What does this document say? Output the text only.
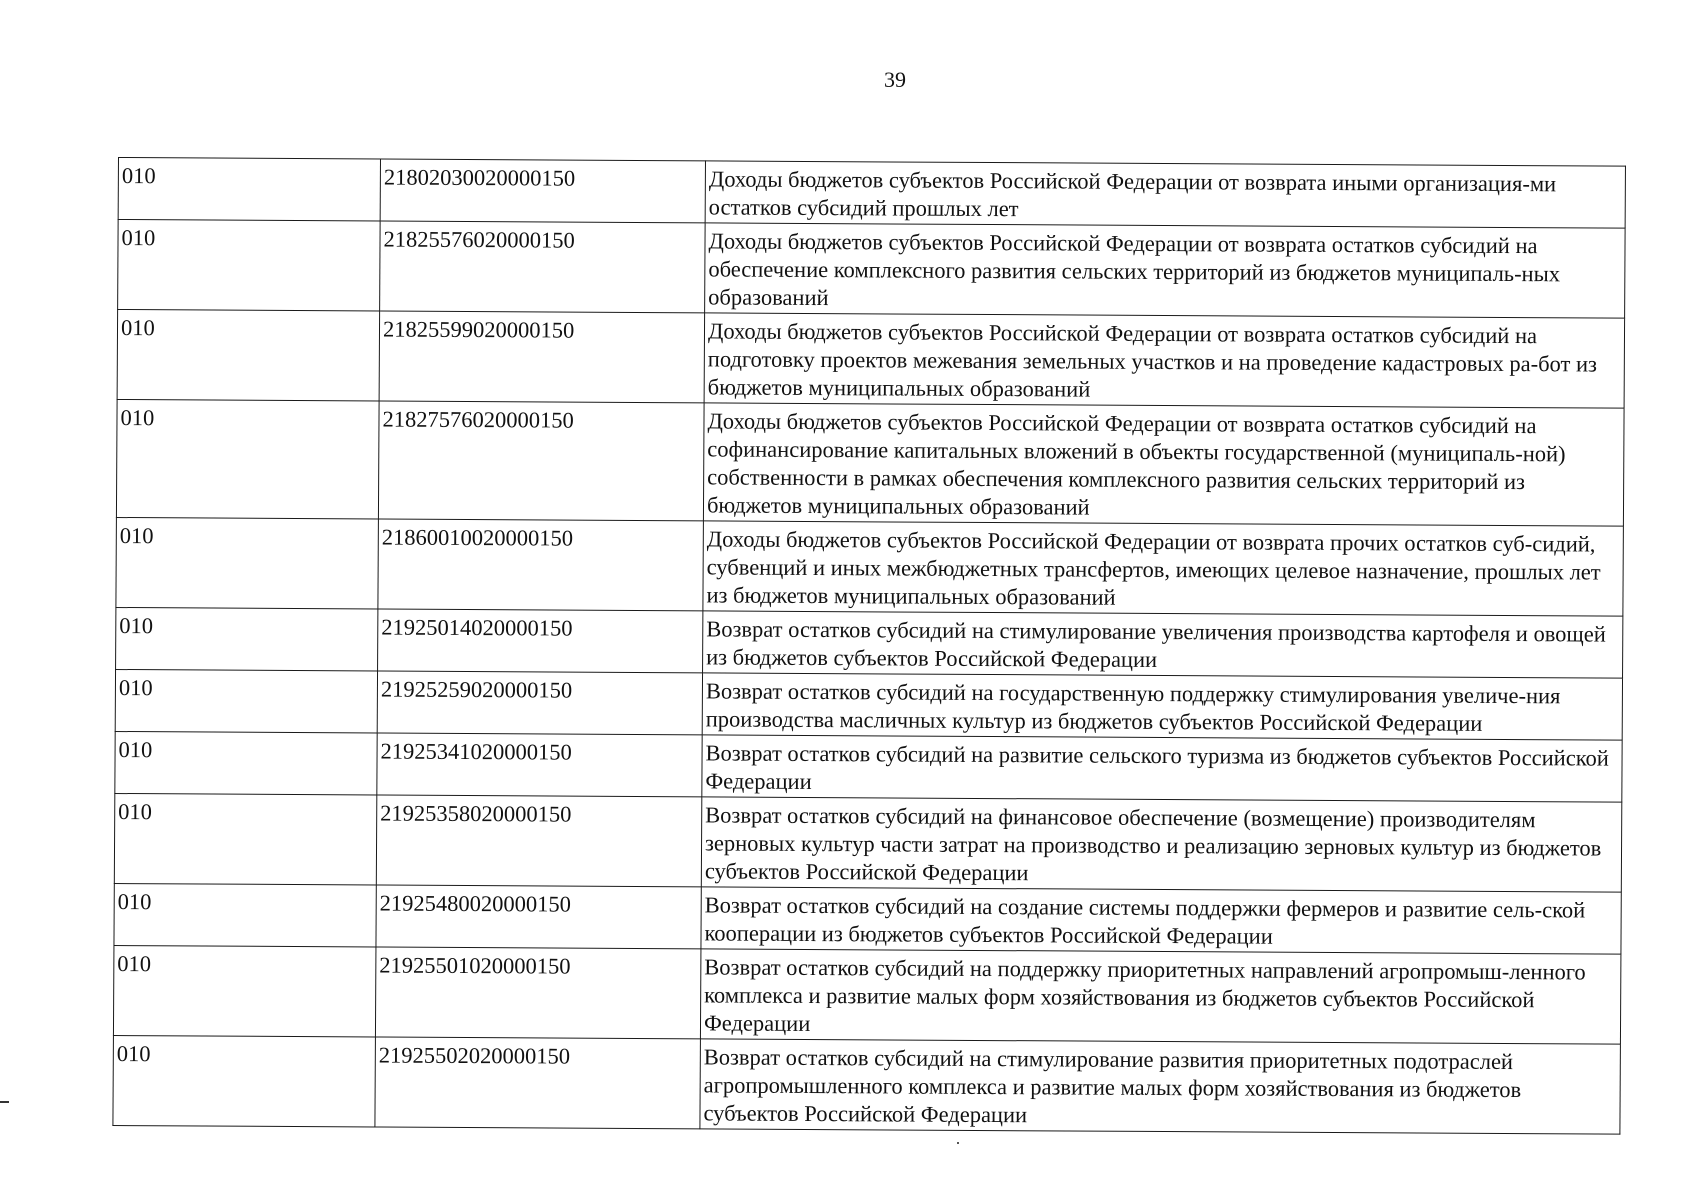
39
010	21802030020000150	Доходы бюджетов субъектов Российской Федерации от возврата иными организация-ми остатков субсидий прошлых лет
010	21825576020000150	Доходы бюджетов субъектов Российской Федерации от возврата остатков субсидий на обеспечение комплексного развития сельских территорий из бюджетов муниципаль-ных образований
010	21825599020000150	Доходы бюджетов субъектов Российской Федерации от возврата остатков субсидий на подготовку проектов межевания земельных участков и на проведение кадастровых ра-бот из бюджетов муниципальных образований
010	21827576020000150	Доходы бюджетов субъектов Российской Федерации от возврата остатков субсидий на софинансирование капитальных вложений в объекты государственной (муниципаль-ной) собственности в рамках обеспечения комплексного развития сельских территорий из бюджетов муниципальных образований
010	21860010020000150	Доходы бюджетов субъектов Российской Федерации от возврата прочих остатков суб-сидий, субвенций и иных межбюджетных трансфертов, имеющих целевое назначение, прошлых лет из бюджетов муниципальных образований
010	21925014020000150	Возврат остатков субсидий на стимулирование увеличения производства картофеля и овощей из бюджетов субъектов Российской Федерации
010	21925259020000150	Возврат остатков субсидий на государственную поддержку стимулирования увеличе-ния производства масличных культур из бюджетов субъектов Российской Федерации
010	21925341020000150	Возврат остатков субсидий на развитие сельского туризма из бюджетов субъектов Российской Федерации
010	21925358020000150	Возврат остатков субсидий на финансовое обеспечение (возмещение) производителям зерновых культур части затрат на производство и реализацию зерновых культур из бюджетов субъектов Российской Федерации
010	21925480020000150	Возврат остатков субсидий на создание системы поддержки фермеров и развитие сель-ской кооперации из бюджетов субъектов Российской Федерации
010	21925501020000150	Возврат остатков субсидий на поддержку приоритетных направлений агропромыш-ленного комплекса и развитие малых форм хозяйствования из бюджетов субъектов Российской Федерации
010	21925502020000150	Возврат остатков субсидий на стимулирование развития приоритетных подотраслей агропромышленного комплекса и развитие малых форм хозяйствования из бюджетов субъектов Российской Федерации
